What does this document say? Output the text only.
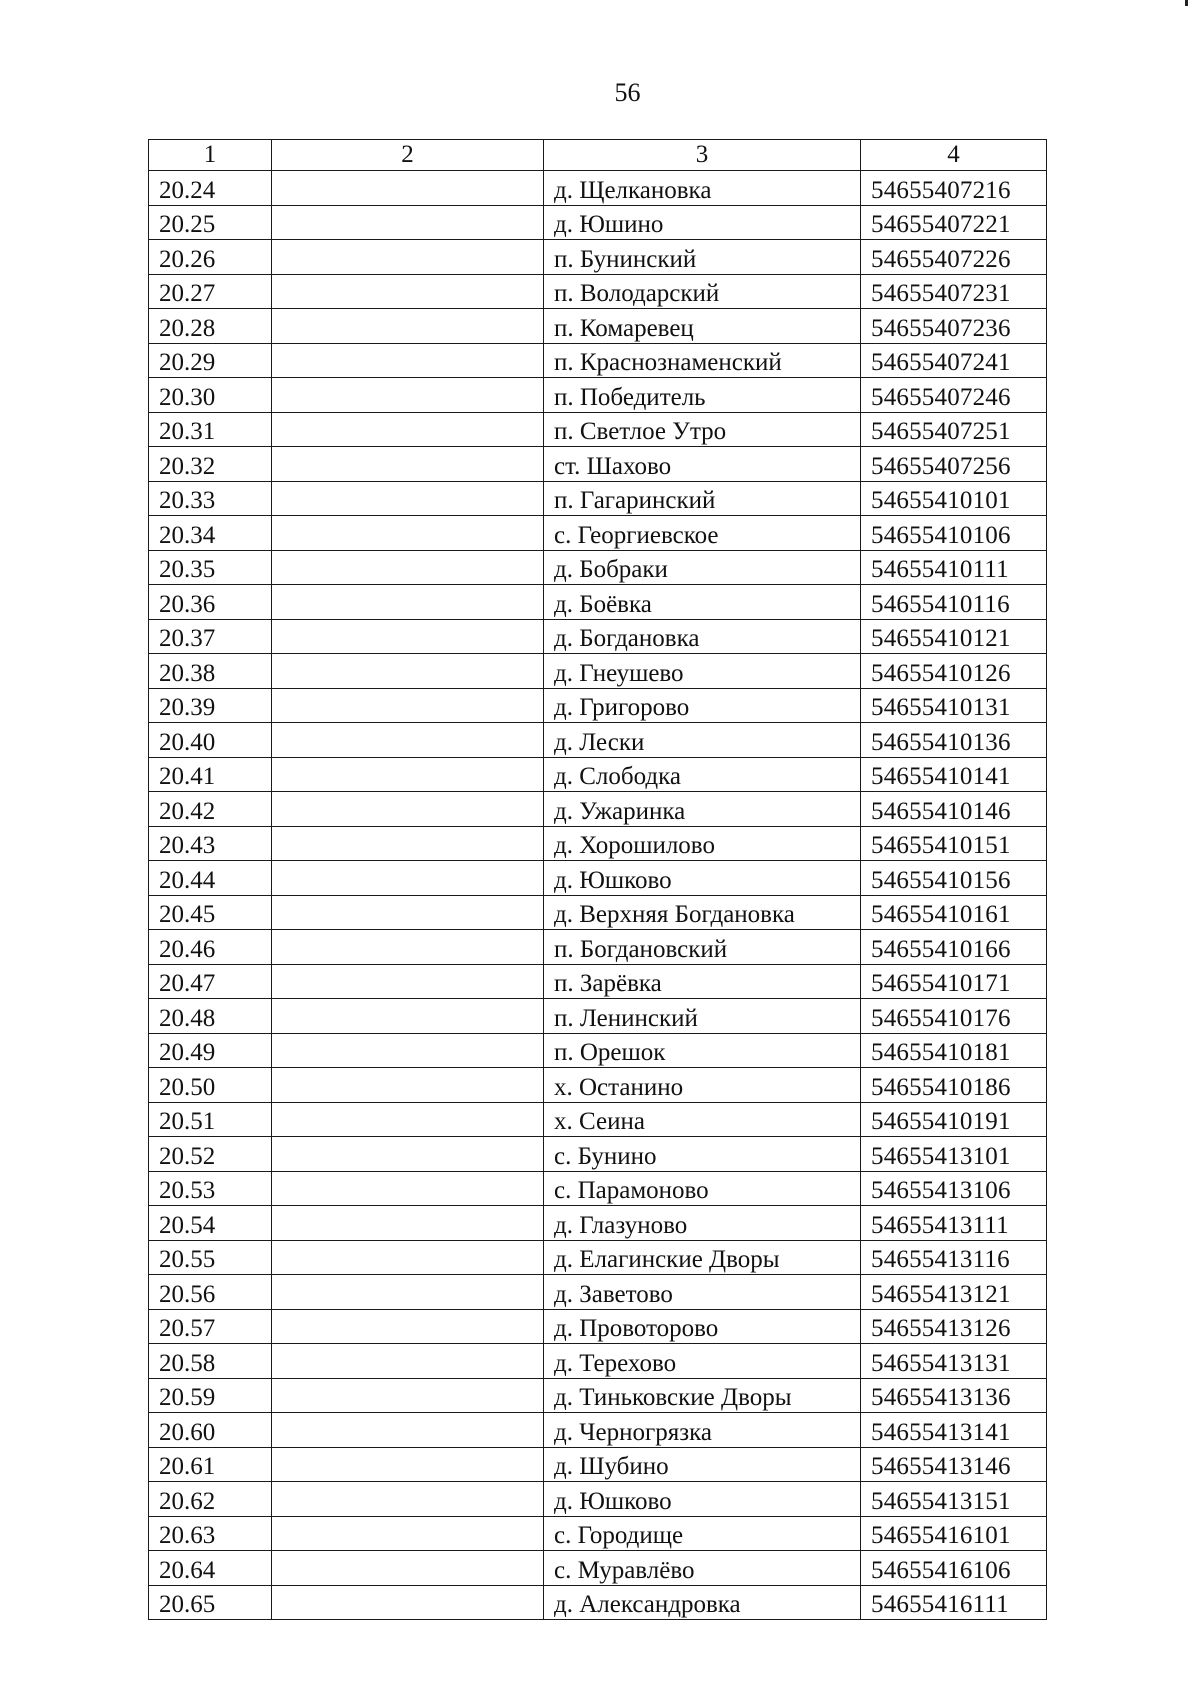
56
1	2	3	4
20.24		д. Щелкановка	54655407216
20.25		д. Юшино	54655407221
20.26		п. Бунинский	54655407226
20.27		п. Володарский	54655407231
20.28		п. Комаревец	54655407236
20.29		п. Краснознаменский	54655407241
20.30		п. Победитель	54655407246
20.31		п. Светлое Утро	54655407251
20.32		ст. Шахово	54655407256
20.33		п. Гагаринский	54655410101
20.34		с. Георгиевское	54655410106
20.35		д. Бобраки	54655410111
20.36		д. Боёвка	54655410116
20.37		д. Богдановка	54655410121
20.38		д. Гнеушево	54655410126
20.39		д. Григорово	54655410131
20.40		д. Лески	54655410136
20.41		д. Слободка	54655410141
20.42		д. Ужаринка	54655410146
20.43		д. Хорошилово	54655410151
20.44		д. Юшково	54655410156
20.45		д. Верхняя Богдановка	54655410161
20.46		п. Богдановский	54655410166
20.47		п. Зарёвка	54655410171
20.48		п. Ленинский	54655410176
20.49		п. Орешок	54655410181
20.50		х. Останино	54655410186
20.51		х. Сеина	54655410191
20.52		с. Бунино	54655413101
20.53		с. Парамоново	54655413106
20.54		д. Глазуново	54655413111
20.55		д. Елагинские Дворы	54655413116
20.56		д. Заветово	54655413121
20.57		д. Провоторово	54655413126
20.58		д. Терехово	54655413131
20.59		д. Тиньковские Дворы	54655413136
20.60		д. Черногрязка	54655413141
20.61		д. Шубино	54655413146
20.62		д. Юшково	54655413151
20.63		с. Городище	54655416101
20.64		с. Муравлёво	54655416106
20.65		д. Александровка	54655416111
